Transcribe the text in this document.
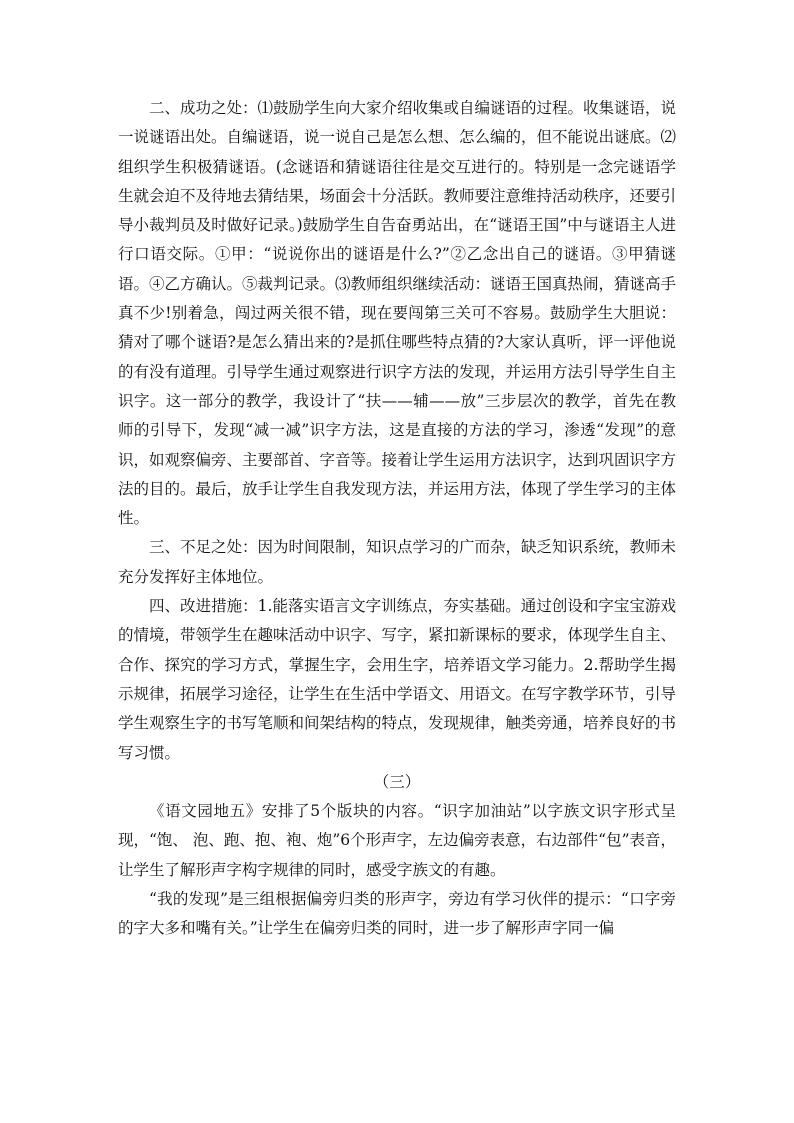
二、成功之处：⑴鼓励学生向大家介绍收集或自编谜语的过程。收集谜语，说一说谜语出处。自编谜语，说一说自己是怎么想、怎么编的，但不能说出谜底。⑵组织学生积极猜谜语。(念谜语和猜谜语往往是交互进行的。特别是一念完谜语学生就会迫不及待地去猜结果，场面会十分活跃。教师要注意维持活动秩序，还要引导小裁判员及时做好记录。)鼓励学生自告奋勇站出，在“谜语王国”中与谜语主人进行口语交际。①甲：“说说你出的谜语是什么?”②乙念出自己的谜语。③甲猜谜语。④乙方确认。⑤裁判记录。⑶教师组织继续活动：谜语王国真热闹，猜谜高手真不少!别着急，闯过两关很不错，现在要闯第三关可不容易。鼓励学生大胆说：猜对了哪个谜语?是怎么猜出来的?是抓住哪些特点猜的?大家认真听，评一评他说的有没有道理。引导学生通过观察进行识字方法的发现，并运用方法引导学生自主识字。这一部分的教学，我设计了“扶——辅——放”三步层次的教学，首先在教师的引导下，发现“减一减”识字方法，这是直接的方法的学习，渗透“发现”的意识，如观察偏旁、主要部首、字音等。接着让学生运用方法识字，达到巩固识字方法的目的。最后，放手让学生自我发现方法，并运用方法，体现了学生学习的主体性。

三、不足之处：因为时间限制，知识点学习的广而杂，缺乏知识系统，教师未充分发挥好主体地位。

四、改进措施：1.能落实语言文字训练点，夯实基础。通过创设和字宝宝游戏的情境，带领学生在趣味活动中识字、写字，紧扣新课标的要求，体现学生自主、合作、探究的学习方式，掌握生字，会用生字，培养语文学习能力。2.帮助学生揭示规律，拓展学习途径，让学生在生活中学语文、用语文。在写字教学环节，引导学生观察生字的书写笔顺和间架结构的特点，发现规律，触类旁通，培养良好的书写习惯。

（三）

《语文园地五》安排了5个版块的内容。“识字加油站”以字族文识字形式呈现，“饱、 泡、跑、抱、袍、炮”6个形声字，左边偏旁表意，右边部件“包”表音，让学生了解形声字构字规律的同时，感受字族文的有趣。

“我的发现”是三组根据偏旁归类的形声字，旁边有学习伙伴的提示：“口字旁的字大多和嘴有关。”让学生在偏旁归类的同时，进一步了解形声字同一偏
